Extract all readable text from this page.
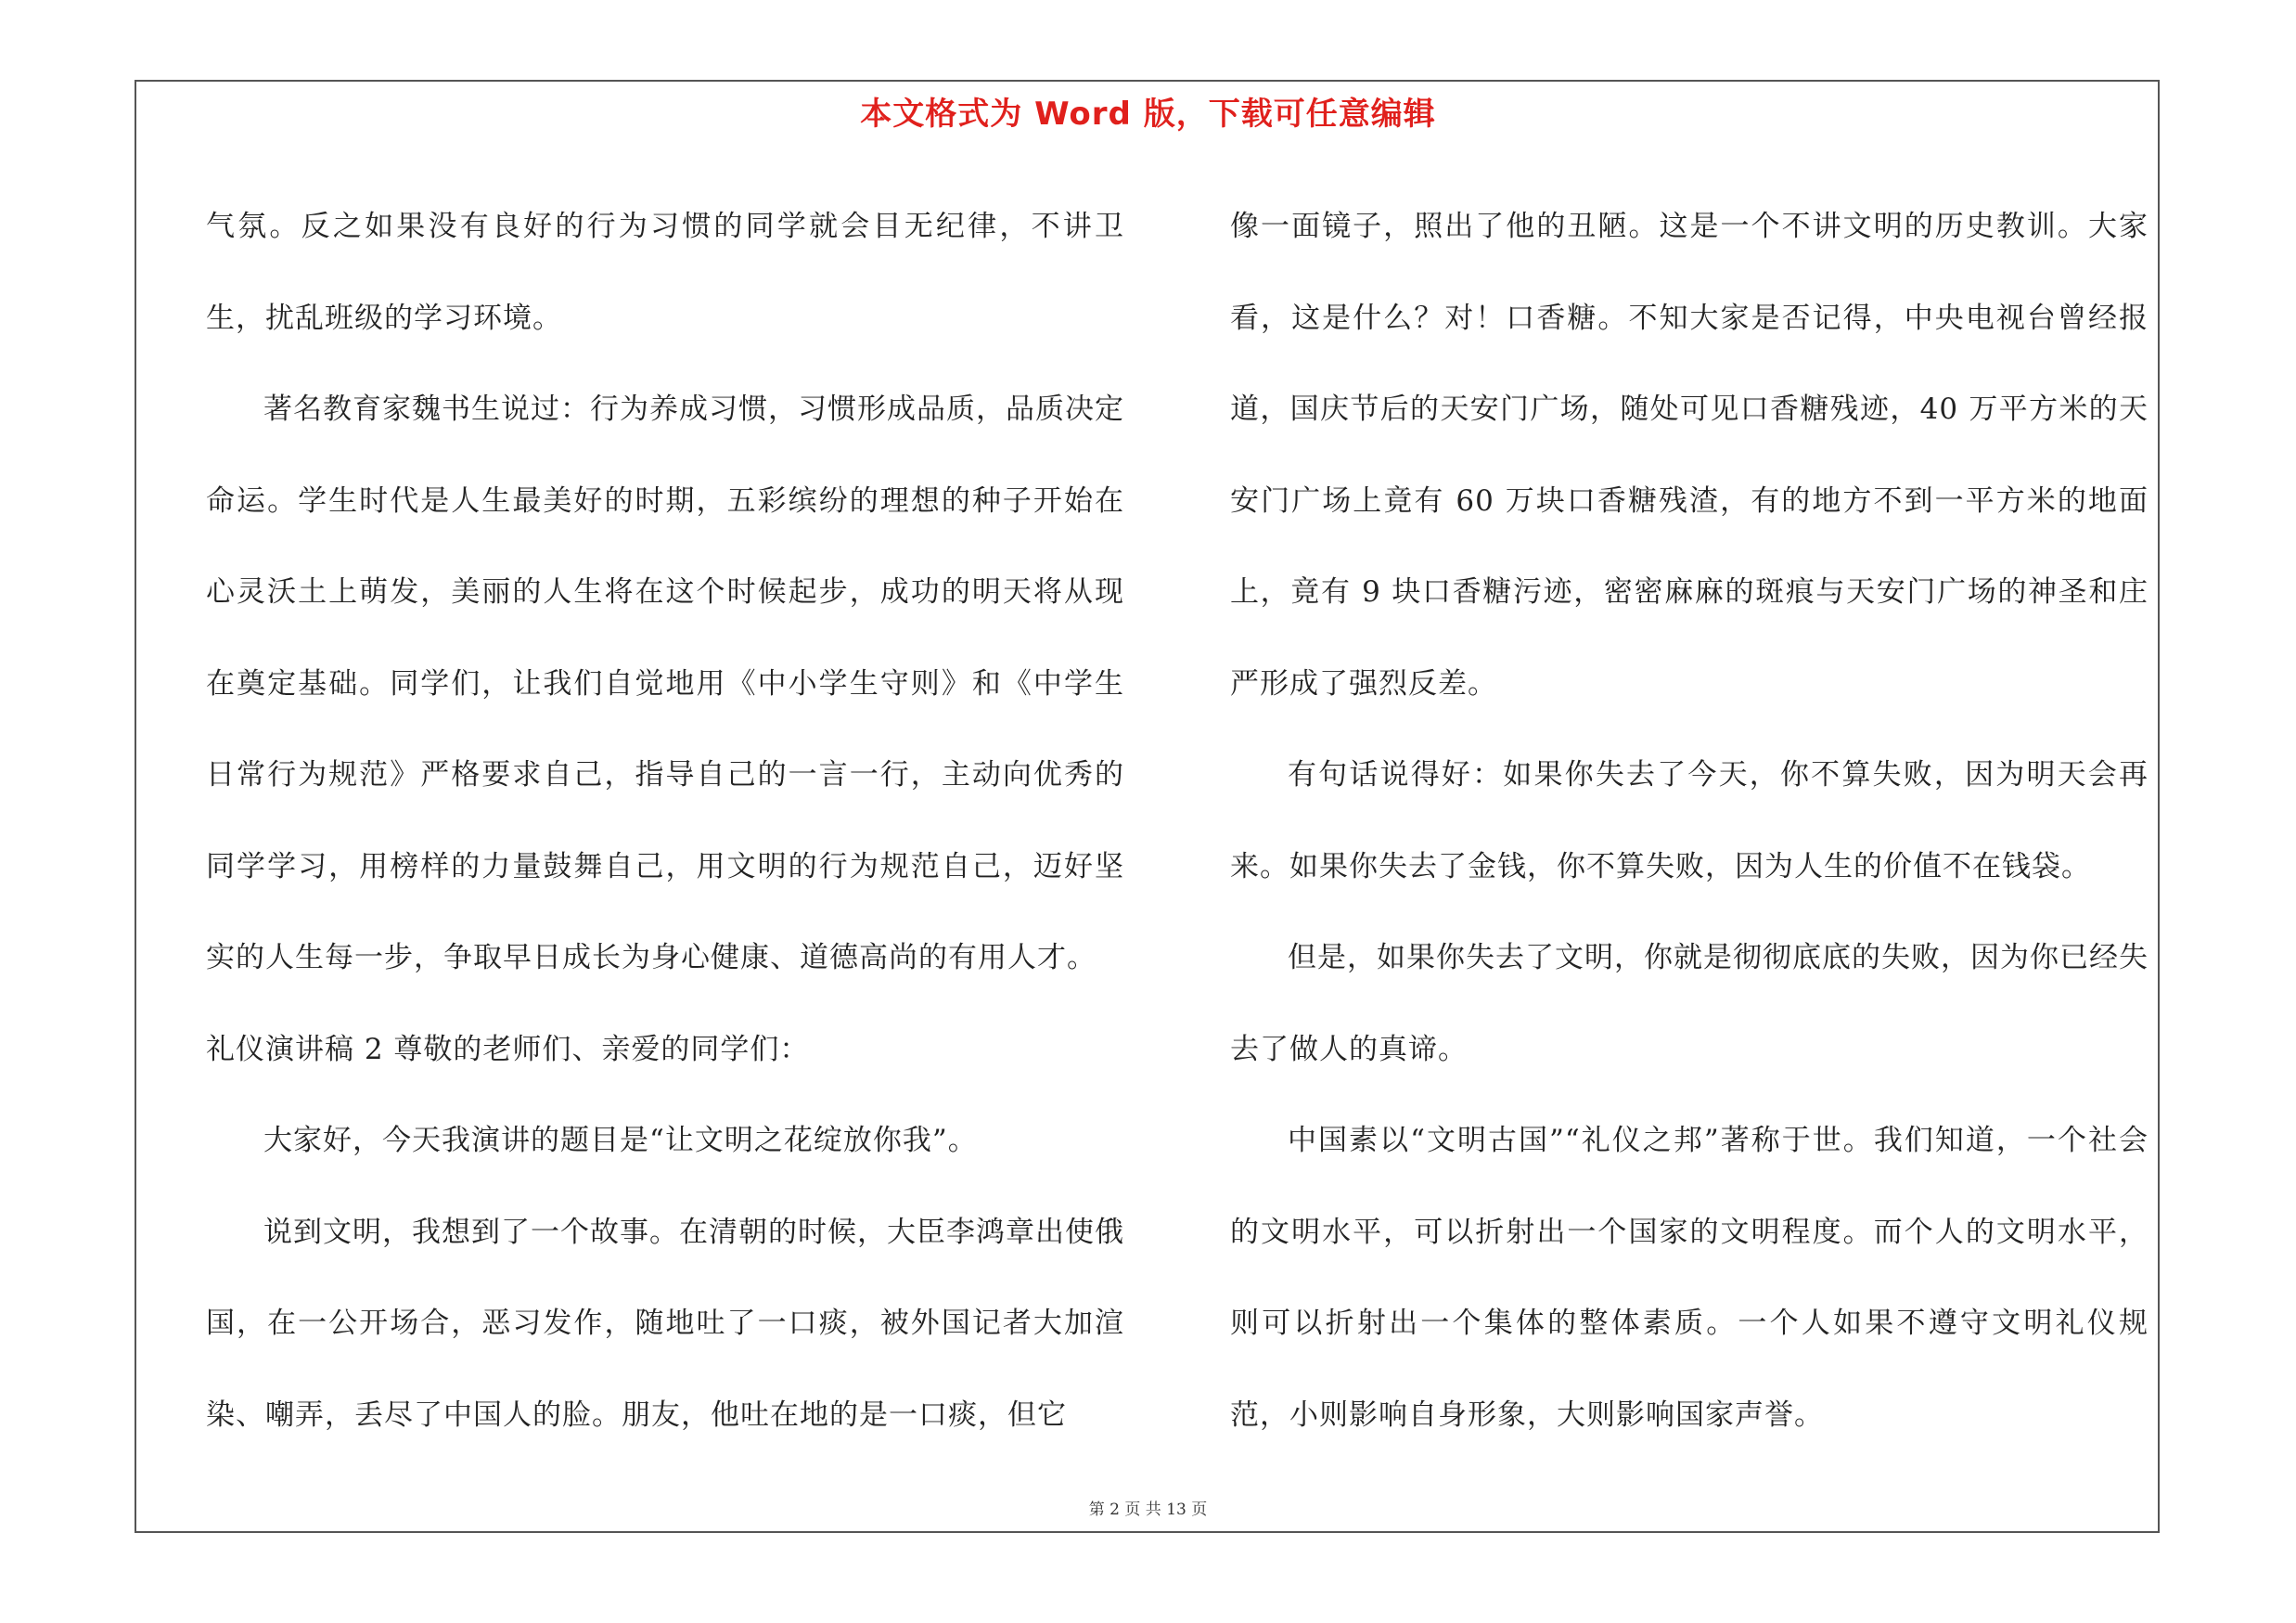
本文格式为 Word 版，下载可任意编辑

气氛。反之如果没有良好的行为习惯的同学就会目无纪律，不讲卫生，扰乱班级的学习环境。

著名教育家魏书生说过：行为养成习惯，习惯形成品质，品质决定命运。学生时代是人生最美好的时期，五彩缤纷的理想的种子开始在心灵沃土上萌发，美丽的人生将在这个时候起步，成功的明天将从现在奠定基础。同学们，让我们自觉地用《中小学生守则》和《中学生日常行为规范》严格要求自己，指导自己的一言一行，主动向优秀的同学学习，用榜样的力量鼓舞自己，用文明的行为规范自己，迈好坚实的人生每一步，争取早日成长为身心健康、道德高尚的有用人才。

礼仪演讲稿 2 尊敬的老师们、亲爱的同学们：

大家好，今天我演讲的题目是“让文明之花绽放你我”。

说到文明，我想到了一个故事。在清朝的时候，大臣李鸿章出使俄国，在一公开场合，恶习发作，随地吐了一口痰，被外国记者大加渲染、嘲弄，丢尽了中国人的脸。朋友，他吐在地的是一口痰，但它

像一面镜子，照出了他的丑陋。这是一个不讲文明的历史教训。大家看，这是什么？对！口香糖。不知大家是否记得，中央电视台曾经报道，国庆节后的天安门广场，随处可见口香糖残迹，40 万平方米的天安门广场上竟有 60 万块口香糖残渣，有的地方不到一平方米的地面上，竟有 9 块口香糖污迹，密密麻麻的斑痕与天安门广场的神圣和庄严形成了强烈反差。

有句话说得好：如果你失去了今天，你不算失败，因为明天会再来。如果你失去了金钱，你不算失败，因为人生的价值不在钱袋。

但是，如果你失去了文明，你就是彻彻底底的失败，因为你已经失去了做人的真谛。

中国素以“文明古国”“礼仪之邦”著称于世。我们知道，一个社会的文明水平，可以折射出一个国家的文明程度。而个人的文明水平，则可以折射出一个集体的整体素质。一个人如果不遵守文明礼仪规范，小则影响自身形象，大则影响国家声誉。

第 2 页 共 13 页
